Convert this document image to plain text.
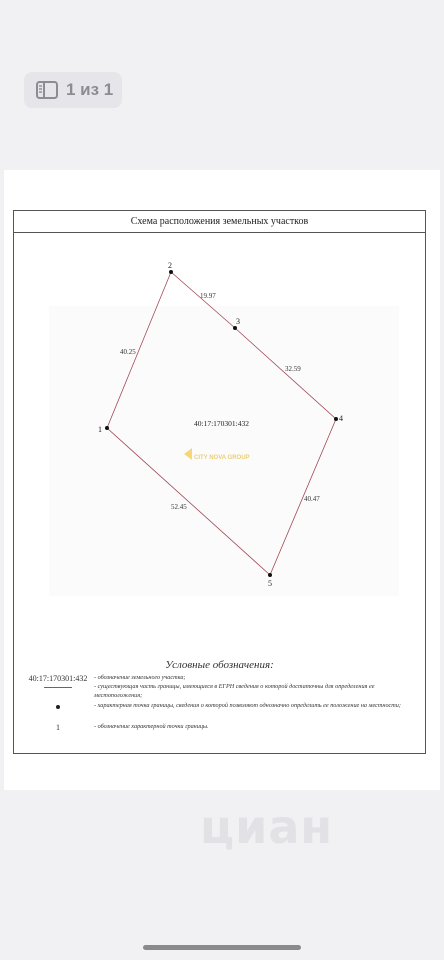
1 из 1
Схема расположения земельных участков
1
2
3
4
5
40.25
19.97
32.59
40.47
52.45
40:17:170301:432
CITY NOVA GROUP
Условные обозначения:
40:17:170301:432	- обозначение земельного участка;
- существующая часть границы, имеющиеся в ЕГРН сведения о которой достаточны для определения ее местоположения;
- характерная точка границы, сведения о которой позволяют однозначно определить ее положение на местности;
1	- обозначение характерной точки границы.
циан
